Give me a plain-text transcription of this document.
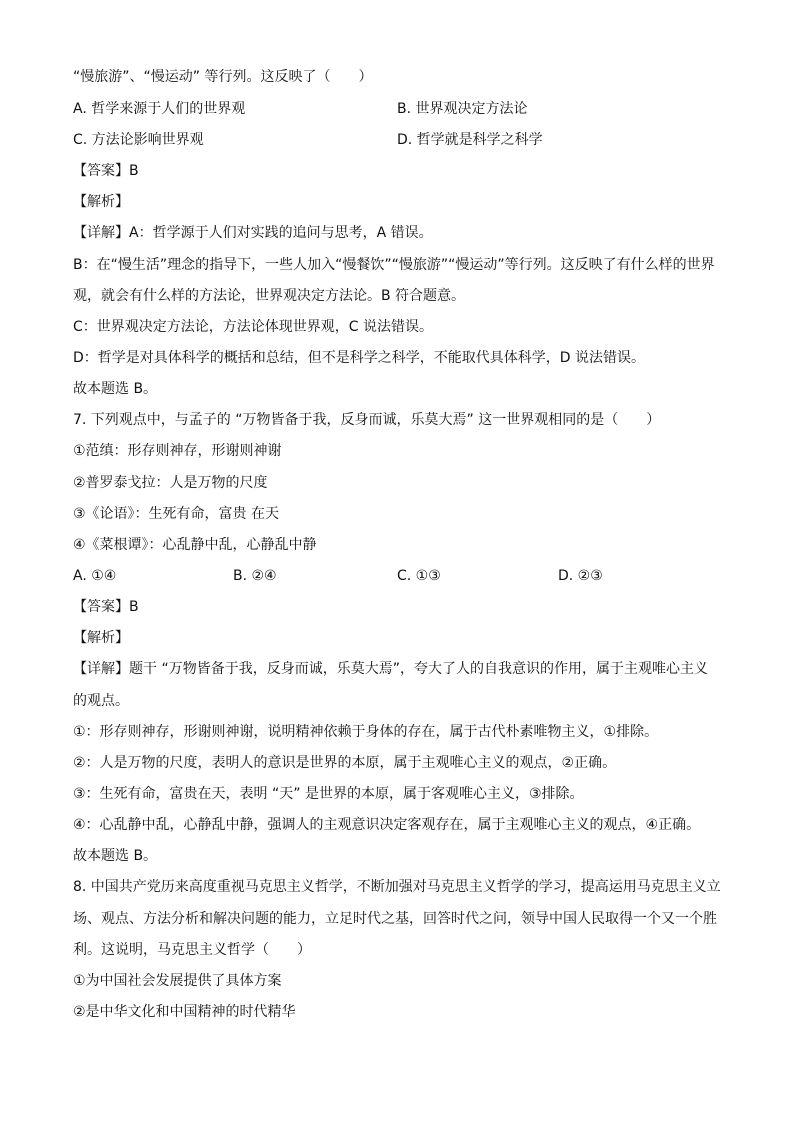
“慢旅游”、“慢运动” 等行列。这反映了（　　）
A. 哲学来源于人们的世界观	B. 世界观决定方法论
C. 方法论影响世界观	D. 哲学就是科学之科学
【答案】B
【解析】
【详解】A：哲学源于人们对实践的追问与思考，A 错误。
B：在“慢生活”理念的指导下，一些人加入“慢餐饮”“慢旅游”“慢运动”等行列。这反映了有什么样的世界
观，就会有什么样的方法论，世界观决定方法论。B 符合题意。
C：世界观决定方法论，方法论体现世界观，C 说法错误。
D：哲学是对具体科学的概括和总结，但不是科学之科学，不能取代具体科学，D 说法错误。
故本题选 B。
7. 下列观点中，与孟子的 “万物皆备于我，反身而诚，乐莫大焉” 这一世界观相同的是（　　）
①范缜：形存则神存，形谢则神谢
②普罗泰戈拉：人是万物的尺度
③《论语》：生死有命，富贵 在天
④《菜根谭》：心乱静中乱，心静乱中静
A. ①④	B. ②④	C. ①③	D. ②③
【答案】B
【解析】
【详解】题干 “万物皆备于我，反身而诚，乐莫大焉”，夸大了人的自我意识的作用，属于主观唯心主义
的观点。
①：形存则神存，形谢则神谢，说明精神依赖于身体的存在，属于古代朴素唯物主义，①排除。
②：人是万物的尺度，表明人的意识是世界的本原，属于主观唯心主义的观点，②正确。
③：生死有命，富贵在天，表明 “天” 是世界的本原，属于客观唯心主义，③排除。
④：心乱静中乱，心静乱中静，强调人的主观意识决定客观存在，属于主观唯心主义的观点，④正确。
故本题选 B。
8. 中国共产党历来高度重视马克思主义哲学，不断加强对马克思主义哲学的学习，提高运用马克思主义立
场、观点、方法分析和解决问题的能力，立足时代之基，回答时代之问，领导中国人民取得一个又一个胜
利。这说明，马克思主义哲学（　　）
①为中国社会发展提供了具体方案
②是中华文化和中国精神的时代精华
